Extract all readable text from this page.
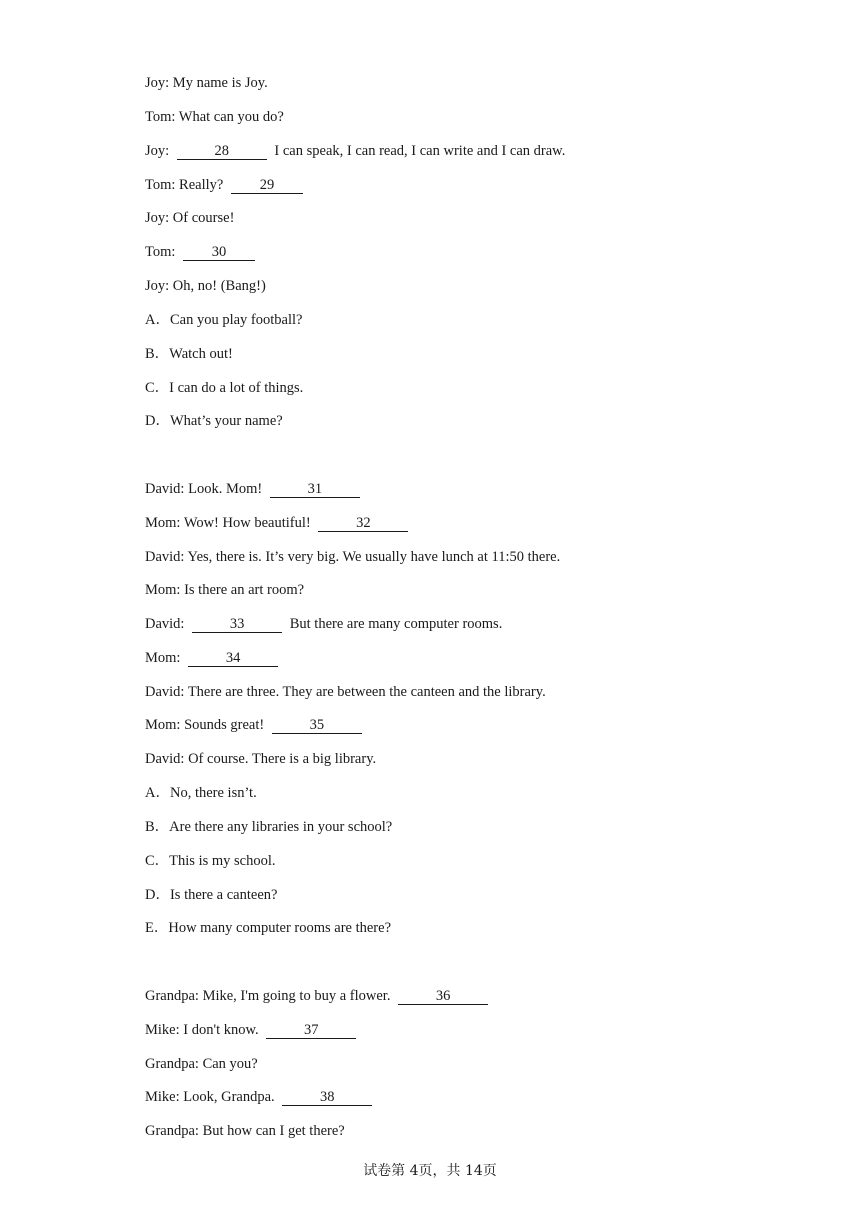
Joy: My name is Joy.
Tom: What can you do?
Joy:	28	I can speak, I can read, I can write and I can draw.
Tom: Really? 29
Joy: Of course!
Tom: 30
Joy: Oh, no! (Bang!)
A．Can you play football?
B．Watch out!
C．I can do a lot of things.
D．What’s your name?
David: Look. Mom!	31
Mom: Wow! How beautiful!	32
David: Yes, there is. It’s very big. We usually have lunch at 11:50 there.
Mom: Is there an art room?
David:	33	But there are many computer rooms.
Mom:	34
David: There are three. They are between the canteen and the library.
Mom: Sounds great!	35
David: Of course. There is a big library.
A．No, there isn’t.
B．Are there any libraries in your school?
C．This is my school.
D．Is there a canteen?
E．How many computer rooms are there?
Grandpa: Mike, I'm going to buy a flower.	36
Mike: I don't know.	37
Grandpa: Can you?
Mike: Look, Grandpa.	38
Grandpa: But how can I get there?
试卷第 4页，共 14页
